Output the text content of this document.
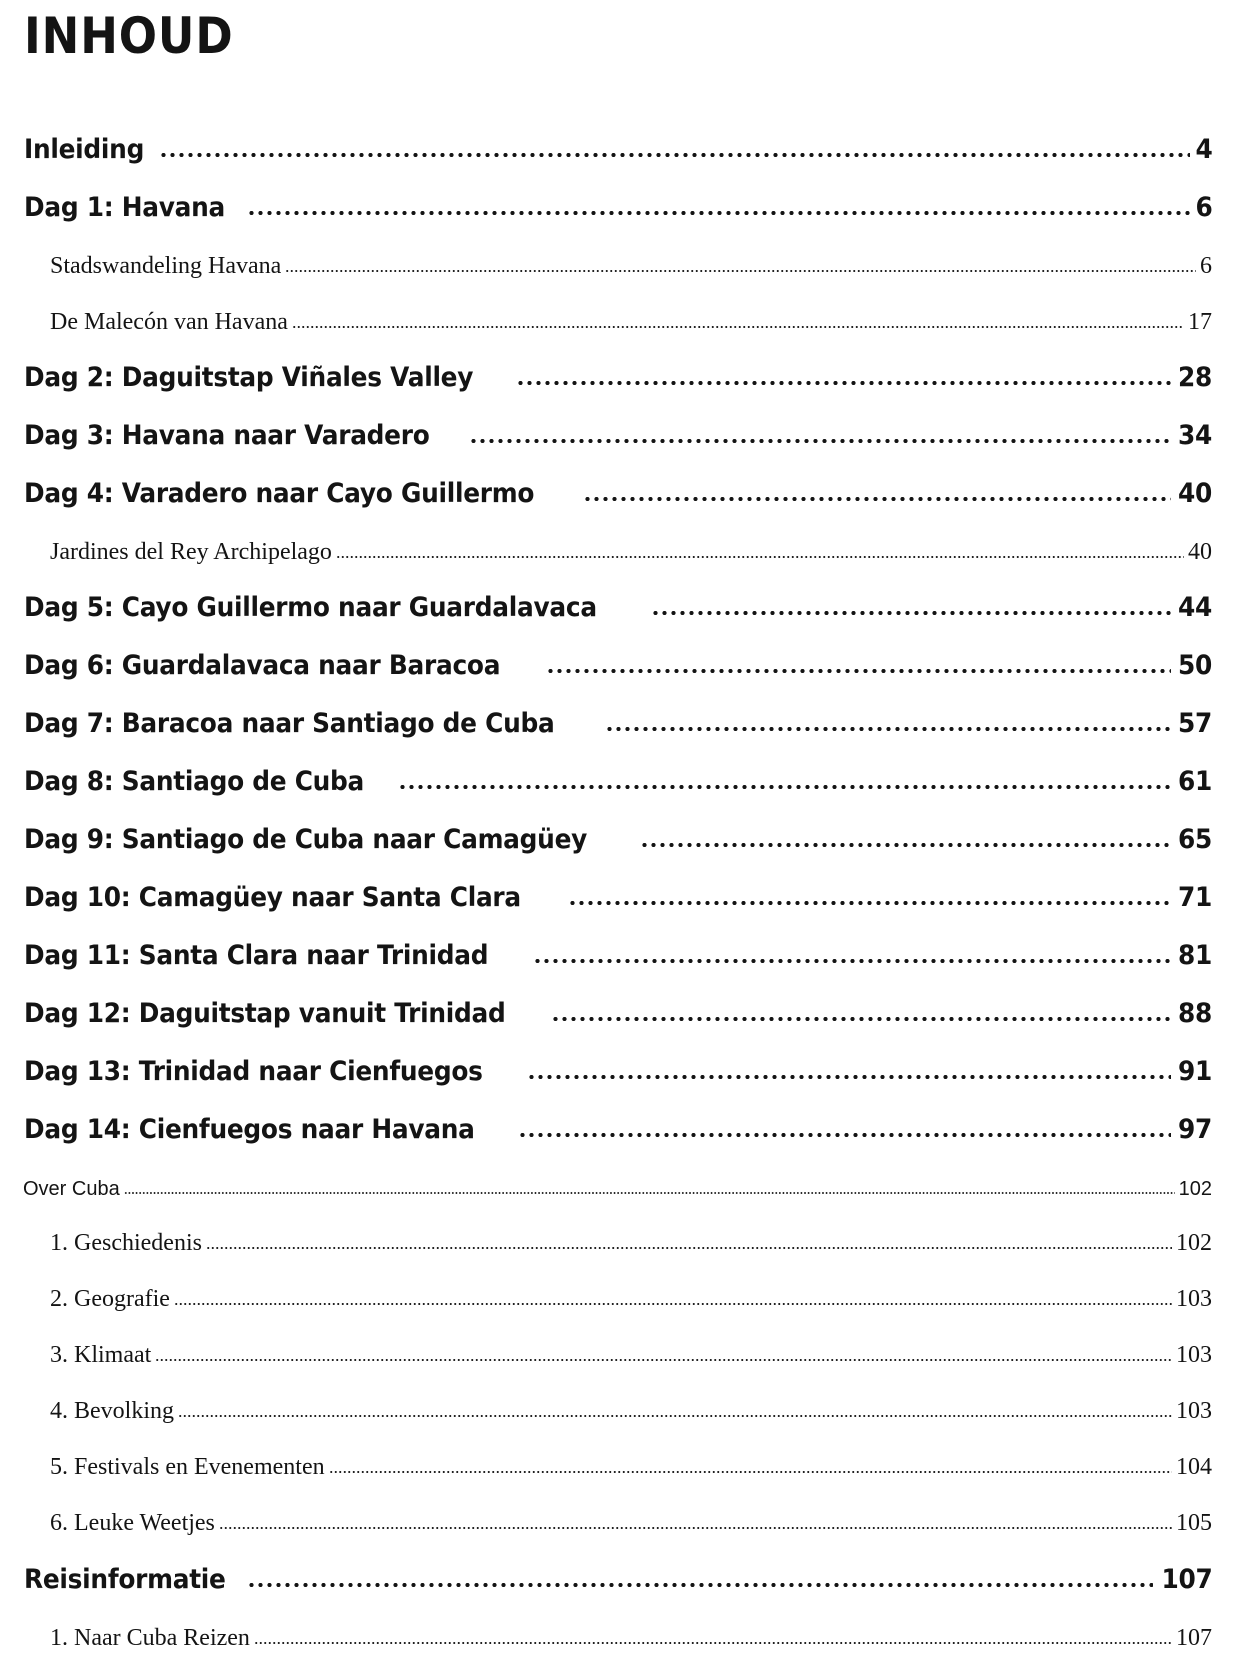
INHOUD
Inleiding	4
Dag 1: Havana	6
Stadswandeling Havana	6
De Malecón van Havana	17
Dag 2: Daguitstap Viñales Valley	28
Dag 3: Havana naar Varadero	34
Dag 4: Varadero naar Cayo Guillermo	40
Jardines del Rey Archipelago	40
Dag 5: Cayo Guillermo naar Guardalavaca	44
Dag 6: Guardalavaca naar Baracoa	50
Dag 7: Baracoa naar Santiago de Cuba	57
Dag 8: Santiago de Cuba	61
Dag 9: Santiago de Cuba naar Camagüey	65
Dag 10: Camagüey naar Santa Clara	71
Dag 11: Santa Clara naar Trinidad	81
Dag 12: Daguitstap vanuit Trinidad	88
Dag 13: Trinidad naar Cienfuegos	91
Dag 14: Cienfuegos naar Havana	97
Over Cuba	102
1. Geschiedenis	102
2. Geografie	103
3. Klimaat	103
4. Bevolking	103
5. Festivals en Evenementen	104
6. Leuke Weetjes	105
Reisinformatie	107
1. Naar Cuba Reizen	107
